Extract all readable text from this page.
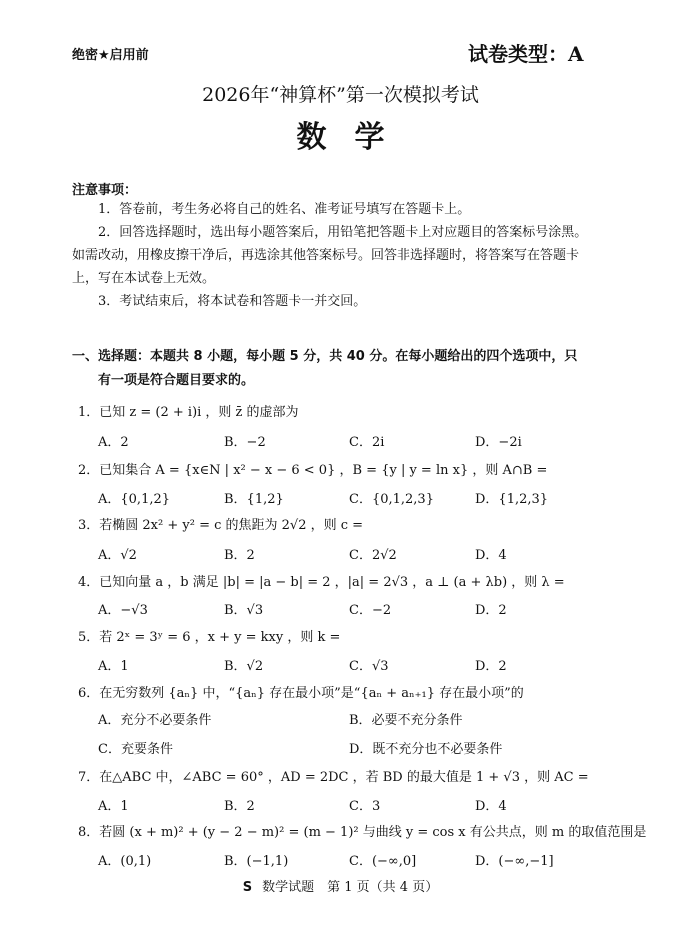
绝密★启用前	试卷类型：A
2026年“神算杯”第一次模拟考试
数学
注意事项：

1．答卷前，考生务必将自己的姓名、准考证号填写在答题卡上。

2．回答选择题时，选出每小题答案后，用铅笔把答题卡上对应题目的答案标号涂黑。如需改动，用橡皮擦干净后，再选涂其他答案标号。回答非选择题时，将答案写在答题卡上，写在本试卷上无效。

3．考试结束后，将本试卷和答题卡一并交回。

一、选择题：本题共 8 小题，每小题 5 分，共 40 分。在每小题给出的四个选项中，只
有一项是符合题目要求的。
1．已知 z = (2 + i)i ，则 z̄ 的虚部为
A．2	B．−2	C．2i	D．−2i
2．已知集合 A = {x∈N | x² − x − 6 < 0} ，B = {y | y = ln x} ，则 A∩B =
A．{0,1,2}	B．{1,2}	C．{0,1,2,3}	D．{1,2,3}
3．若椭圆 2x² + y² = c 的焦距为 2√2 ，则 c =
A．√2	B．2	C．2√2	D．4
4．已知向量 a ，b 满足 |b| = |a − b| = 2 ，|a| = 2√3 ，a ⊥ (a + λb) ，则 λ =
A．−√3	B．√3	C．−2	D．2
5．若 2ˣ = 3ʸ = 6 ，x + y = kxy ，则 k =
A．1	B．√2	C．√3	D．2
6．在无穷数列 {aₙ} 中，“{aₙ} 存在最小项”是“{aₙ + aₙ₊₁} 存在最小项”的
A．充分不必要条件	B．必要不充分条件
C．充要条件	D．既不充分也不必要条件
7．在△ABC 中，∠ABC = 60° ，AD = 2DC ，若 BD 的最大值是 1 + √3 ，则 AC =
A．1	B．2	C．3	D．4
8．若圆 (x + m)² + (y − 2 − m)² = (m − 1)² 与曲线 y = cos x 有公共点，则 m 的取值范围是
A．(0,1)	B．(−1,1)	C．(−∞,0]	D．(−∞,−1]
S 数学试题　第 1 页（共 4 页）
